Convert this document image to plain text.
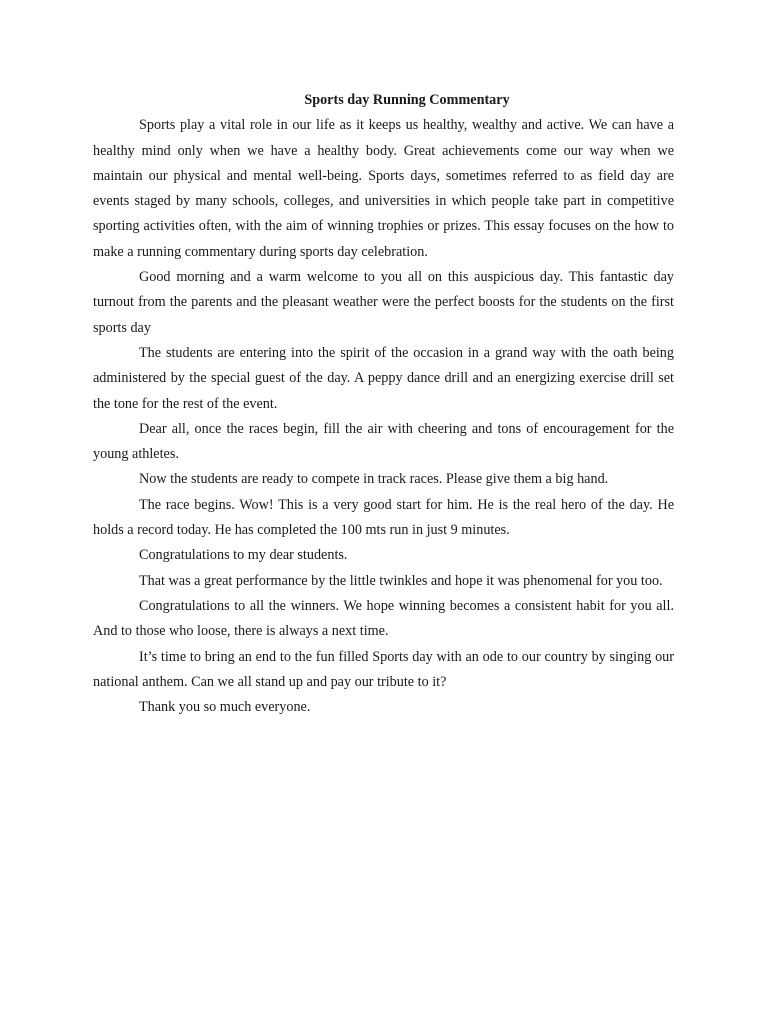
Sports day Running Commentary

Sports play a vital role in our life as it keeps us healthy, wealthy and active. We can have a healthy mind only when we have a healthy body. Great achievements come our way when we maintain our physical and mental well-being. Sports days, sometimes referred to as field day are events staged by many schools, colleges, and universities in which people take part in competitive sporting activities often, with the aim of winning trophies or prizes. This essay focuses on the how to make a running commentary during sports day celebration.

Good morning and a warm welcome to you all on this auspicious day. This fantastic day turnout from the parents and the pleasant weather were the perfect boosts for the students on the first sports day

The students are entering into the spirit of the occasion in a grand way with the oath being administered by the special guest of the day. A peppy dance drill and an energizing exercise drill set the tone for the rest of the event.

Dear all, once the races begin, fill the air with cheering and tons of encouragement for the young athletes.

Now the students are ready to compete in track races. Please give them a big hand.

The race begins. Wow! This is a very good start for him. He is the real hero of the day. He holds a record today. He has completed the 100 mts run in just 9 minutes.

Congratulations to my dear students.

That was a great performance by the little twinkles and hope it was phenomenal for you too.

Congratulations to all the winners. We hope winning becomes a consistent habit for you all. And to those who loose, there is always a next time.

It’s time to bring an end to the fun filled Sports day with an ode to our country by singing our national anthem. Can we all stand up and pay our tribute to it?

Thank you so much everyone.
